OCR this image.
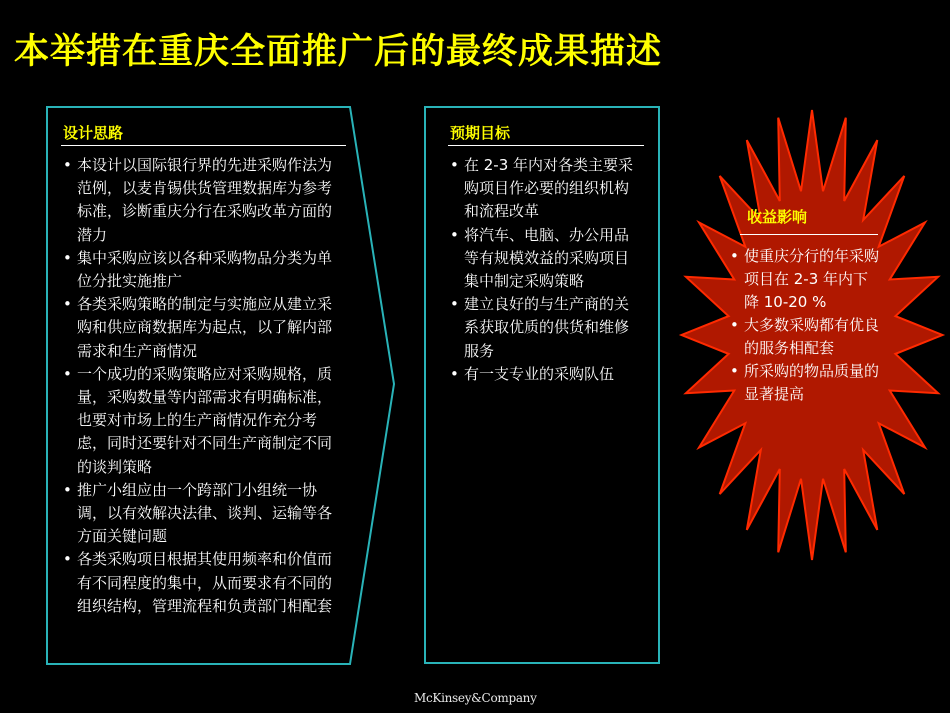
本举措在重庆全面推广后的最终成果描述
设计思路
• 本设计以国际银行界的先进采购作法为范例，以麦肯锡供货管理数据库为参考标准，诊断重庆分行在采购改革方面的潜力
• 集中采购应该以各种采购物品分类为单位分批实施推广
• 各类采购策略的制定与实施应从建立采购和供应商数据库为起点，以了解内部需求和生产商情况
• 一个成功的采购策略应对采购规格，质量，采购数量等内部需求有明确标准，也要对市场上的生产商情况作充分考虑，同时还要针对不同生产商制定不同的谈判策略
• 推广小组应由一个跨部门小组统一协调，以有效解决法律、谈判、运输等各方面关键问题
• 各类采购项目根据其使用频率和价值而有不同程度的集中，从而要求有不同的组织结构，管理流程和负责部门相配套
预期目标
• 在 2-3 年内对各类主要采购项目作必要的组织机构和流程改革
• 将汽车、电脑、办公用品等有规模效益的采购项目集中制定采购策略
• 建立良好的与生产商的关系获取优质的供货和维修服务
• 有一支专业的采购队伍
收益影响
• 使重庆分行的年采购项目在 2-3 年内下降 10-20 %
• 大多数采购都有优良的服务相配套
• 所采购的物品质量的显著提高
McKinsey&Company
